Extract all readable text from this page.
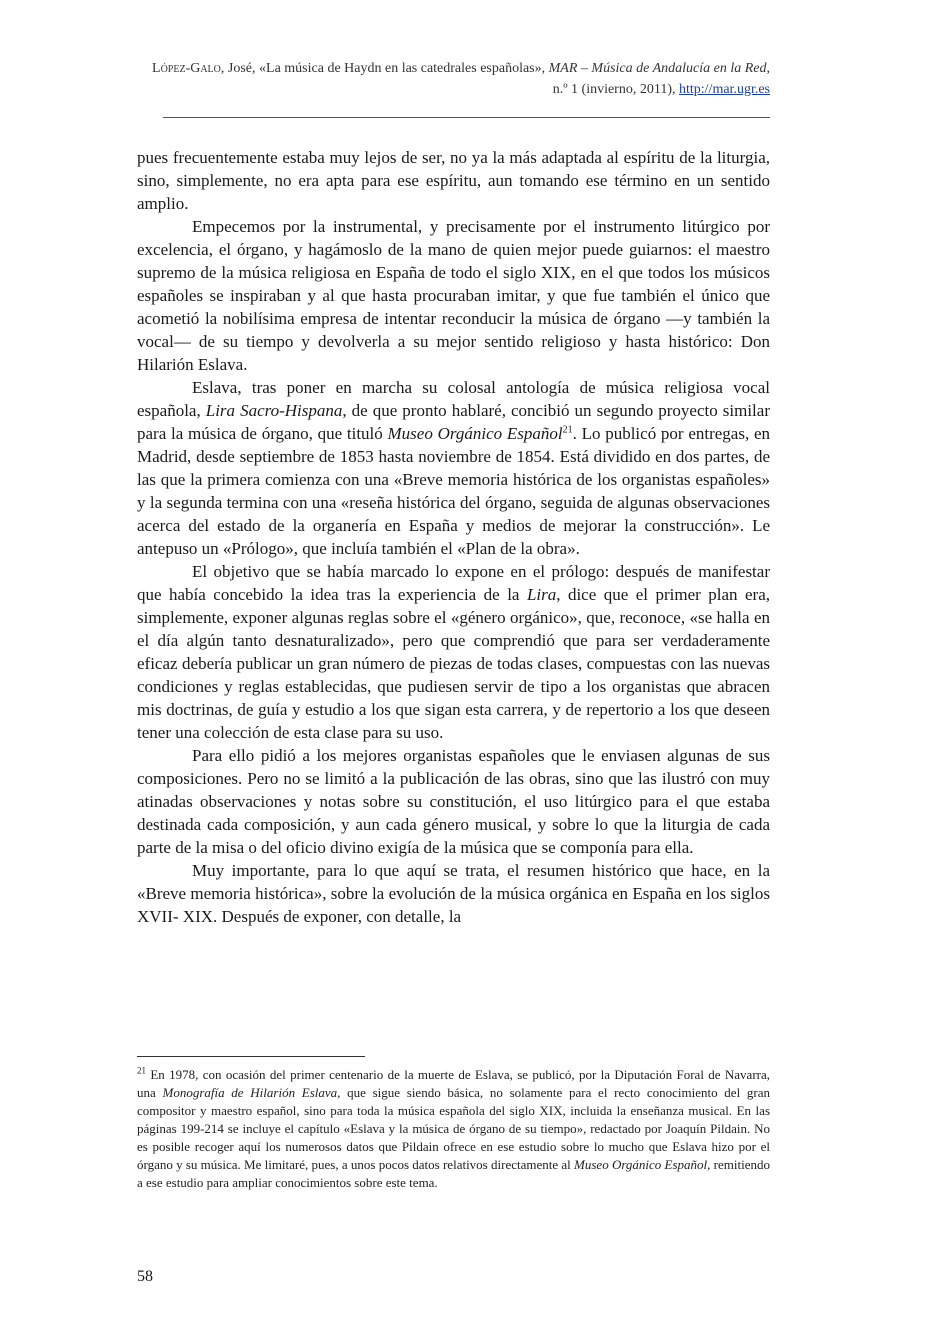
López-Galo, José, «La música de Haydn en las catedrales españolas», MAR – Música de Andalucía en la Red, n.º 1 (invierno, 2011), http://mar.ugr.es

pues frecuentemente estaba muy lejos de ser, no ya la más adaptada al espíritu de la liturgia, sino, simplemente, no era apta para ese espíritu, aun tomando ese término en un sentido amplio.

Empecemos por la instrumental, y precisamente por el instrumento litúrgico por excelencia, el órgano, y hagámoslo de la mano de quien mejor puede guiarnos: el maestro supremo de la música religiosa en España de todo el siglo XIX, en el que todos los músicos españoles se inspiraban y al que hasta procuraban imitar, y que fue también el único que acometió la nobilísima empresa de intentar reconducir la música de órgano —y también la vocal— de su tiempo y devolverla a su mejor sentido religioso y hasta histórico: Don Hilarión Eslava.

Eslava, tras poner en marcha su colosal antología de música religiosa vocal española, Lira Sacro-Hispana, de que pronto hablaré, concibió un segundo proyecto similar para la música de órgano, que tituló Museo Orgánico Español$^{21}$. Lo publicó por entregas, en Madrid, desde septiembre de 1853 hasta noviembre de 1854. Está dividido en dos partes, de las que la primera comienza con una «Breve memoria histórica de los organistas españoles» y la segunda termina con una «reseña histórica del órgano, seguida de algunas observaciones acerca del estado de la organería en España y medios de mejorar la construcción». Le antepuso un «Prólogo», que incluía también el «Plan de la obra».

El objetivo que se había marcado lo expone en el prólogo: después de manifestar que había concebido la idea tras la experiencia de la Lira, dice que el primer plan era, simplemente, exponer algunas reglas sobre el «género orgánico», que, reconoce, «se halla en el día algún tanto desnaturalizado», pero que comprendió que para ser verdaderamente eficaz debería publicar un gran número de piezas de todas clases, compuestas con las nuevas condiciones y reglas establecidas, que pudiesen servir de tipo a los organistas que abracen mis doctrinas, de guía y estudio a los que sigan esta carrera, y de repertorio a los que deseen tener una colección de esta clase para su uso.

Para ello pidió a los mejores organistas españoles que le enviasen algunas de sus composiciones. Pero no se limitó a la publicación de las obras, sino que las ilustró con muy atinadas observaciones y notas sobre su constitución, el uso litúrgico para el que estaba destinada cada composición, y aun cada género musical, y sobre lo que la liturgia de cada parte de la misa o del oficio divino exigía de la música que se componía para ella.

Muy importante, para lo que aquí se trata, el resumen histórico que hace, en la «Breve memoria histórica», sobre la evolución de la música orgánica en España en los siglos XVII- XIX. Después de exponer, con detalle, la

$^{21}$ En 1978, con ocasión del primer centenario de la muerte de Eslava, se publicó, por la Diputación Foral de Navarra, una Monografía de Hilarión Eslava, que sigue siendo básica, no solamente para el recto conocimiento del gran compositor y maestro español, sino para toda la música española del siglo XIX, incluida la enseñanza musical. En las páginas 199-214 se incluye el capítulo «Eslava y la música de órgano de su tiempo», redactado por Joaquín Pildain. No es posible recoger aquí los numerosos datos que Pildain ofrece en ese estudio sobre lo mucho que Eslava hizo por el órgano y su música. Me limitaré, pues, a unos pocos datos relativos directamente al Museo Orgánico Español, remitiendo a ese estudio para ampliar conocimientos sobre este tema.
58
